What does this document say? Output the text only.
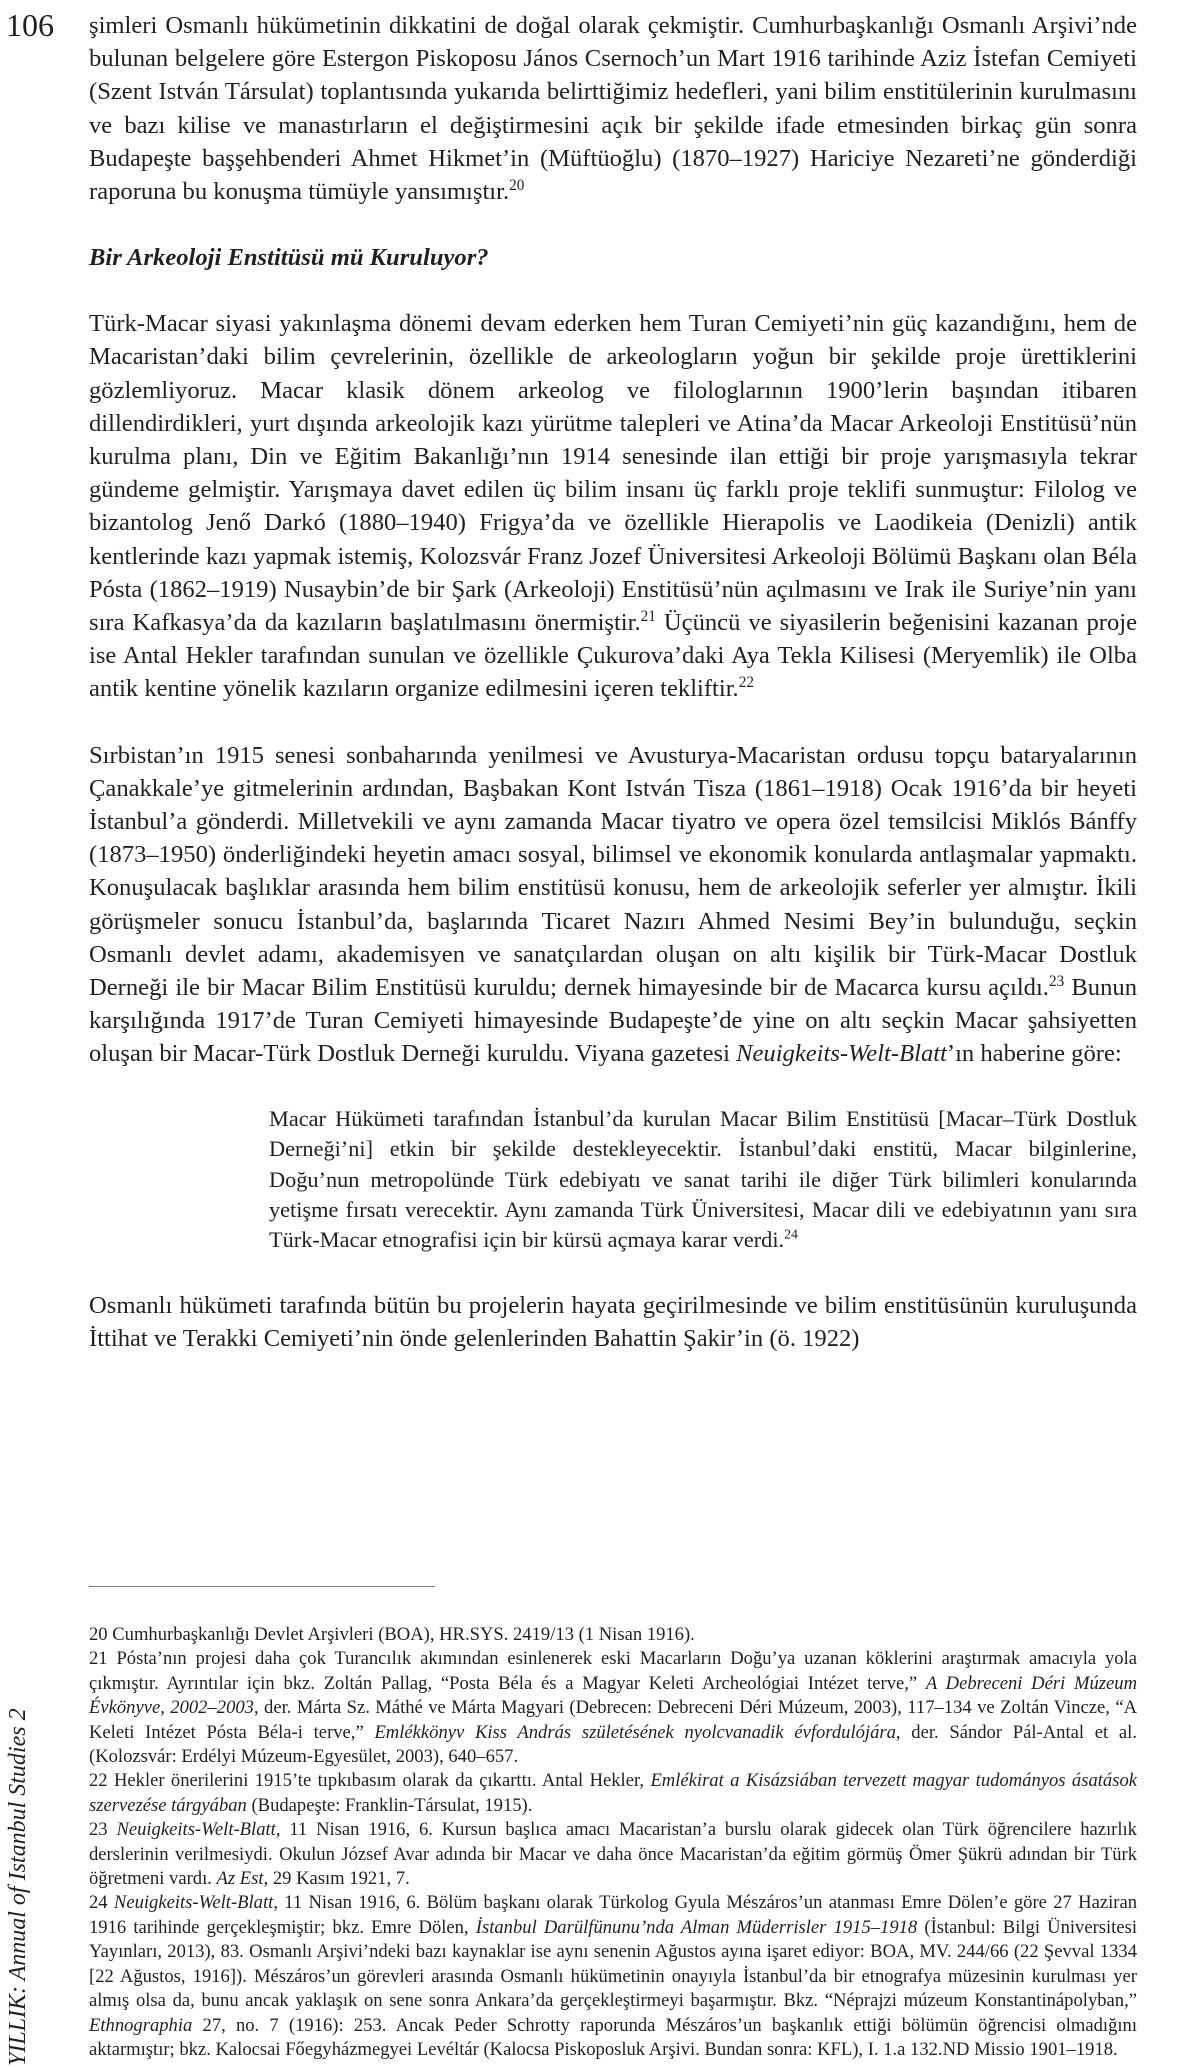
106
YILLIK: Annual of Istanbul Studies 2

şimleri Osmanlı hükümetinin dikkatini de doğal olarak çekmiştir. Cumhurbaşkanlığı Osmanlı Arşivi’nde bulunan belgelere göre Estergon Piskoposu János Csernoch’un Mart 1916 tarihinde Aziz İstefan Cemiyeti (Szent István Társulat) toplantısında yukarıda belirttiğimiz hedefleri, yani bilim enstitülerinin kurulmasını ve bazı kilise ve manastırların el değiştirmesini açık bir şekilde ifade etmesinden birkaç gün sonra Budapeşte başşehbenderi Ahmet Hikmet’in (Müftüoğlu) (1870–1927) Hariciye Nezareti’ne gönderdiği raporuna bu konuşma tümüyle yansımıştır.$^{20}$

Bir Arkeoloji Enstitüsü mü Kuruluyor?

Türk-Macar siyasi yakınlaşma dönemi devam ederken hem Turan Cemiyeti’nin güç kazandığını, hem de Macaristan’daki bilim çevrelerinin, özellikle de arkeologların yoğun bir şekilde proje ürettiklerini gözlemliyoruz. Macar klasik dönem arkeolog ve filologlarının 1900’lerin başından itibaren dillendirdikleri, yurt dışında arkeolojik kazı yürütme talepleri ve Atina’da Macar Arkeoloji Enstitüsü’nün kurulma planı, Din ve Eğitim Bakanlığı’nın 1914 senesinde ilan ettiği bir proje yarışmasıyla tekrar gündeme gelmiştir. Yarışmaya davet edilen üç bilim insanı üç farklı proje teklifi sunmuştur: Filolog ve bizantolog Jenő Darkó (1880–1940) Frigya’da ve özellikle Hierapolis ve Laodikeia (Denizli) antik kentlerinde kazı yapmak istemiş, Kolozsvár Franz Jozef Üniversitesi Arkeoloji Bölümü Başkanı olan Béla Pósta (1862–1919) Nusaybin’de bir Şark (Arkeoloji) Enstitüsü’nün açılmasını ve Irak ile Suriye’nin yanı sıra Kafkasya’da da kazıların başlatılmasını önermiştir.$^{21}$ Üçüncü ve siyasilerin beğenisini kazanan proje ise Antal Hekler tarafından sunulan ve özellikle Çukurova’daki Aya Tekla Kilisesi (Meryemlik) ile Olba antik kentine yönelik kazıların organize edilmesini içeren tekliftir.$^{22}$

Sırbistan’ın 1915 senesi sonbaharında yenilmesi ve Avusturya-Macaristan ordusu topçu bataryalarının Çanakkale’ye gitmelerinin ardından, Başbakan Kont István Tisza (1861–1918) Ocak 1916’da bir heyeti İstanbul’a gönderdi. Milletvekili ve aynı zamanda Macar tiyatro ve opera özel temsilcisi Miklós Bánffy (1873–1950) önderliğindeki heyetin amacı sosyal, bilimsel ve ekonomik konularda antlaşmalar yapmaktı. Konuşulacak başlıklar arasında hem bilim enstitüsü konusu, hem de arkeolojik seferler yer almıştır. İkili görüşmeler sonucu İstanbul’da, başlarında Ticaret Nazırı Ahmed Nesimi Bey’in bulunduğu, seçkin Osmanlı devlet adamı, akademisyen ve sanatçılardan oluşan on altı kişilik bir Türk-Macar Dostluk Derneği ile bir Macar Bilim Enstitüsü kuruldu; dernek himayesinde bir de Macarca kursu açıldı.$^{23}$ Bunun karşılığında 1917’de Turan Cemiyeti himayesinde Budapeşte’de yine on altı seçkin Macar şahsiyetten oluşan bir Macar-Türk Dostluk Derneği kuruldu. Viyana gazetesi Neuigkeits-Welt-Blatt’ın haberine göre:

Macar Hükümeti tarafından İstanbul’da kurulan Macar Bilim Enstitüsü [Macar–Türk Dostluk Derneği’ni] etkin bir şekilde destekleyecektir. İstanbul’daki enstitü, Macar bilginlerine, Doğu’nun metropolünde Türk edebiyatı ve sanat tarihi ile diğer Türk bilimleri konularında yetişme fırsatı verecektir. Aynı zamanda Türk Üniversitesi, Macar dili ve edebiyatının yanı sıra Türk-Macar etnografisi için bir kürsü açmaya karar verdi.$^{24}$

Osmanlı hükümeti tarafında bütün bu projelerin hayata geçirilmesinde ve bilim enstitüsünün kuruluşunda İttihat ve Terakki Cemiyeti’nin önde gelenlerinden Bahattin Şakir’in (ö. 1922)

20 Cumhurbaşkanlığı Devlet Arşivleri (BOA), HR.SYS. 2419/13 (1 Nisan 1916).

21 Pósta’nın projesi daha çok Turancılık akımından esinlenerek eski Macarların Doğu’ya uzanan köklerini araştırmak amacıyla yola çıkmıştır. Ayrıntılar için bkz. Zoltán Pallag, “Posta Béla és a Magyar Keleti Archeológiai Intézet terve,” A Debreceni Déri Múzeum Évkönyve, 2002–2003, der. Márta Sz. Máthé ve Márta Magyari (Debrecen: Debreceni Déri Múzeum, 2003), 117–134 ve Zoltán Vincze, “A Keleti Intézet Pósta Béla-i terve,” Emlékkönyv Kiss András születésének nyolcvanadik évfordulójára, der. Sándor Pál-Antal et al. (Kolozsvár: Erdélyi Múzeum-Egyesület, 2003), 640–657.

22 Hekler önerilerini 1915’te tıpkıbasım olarak da çıkarttı. Antal Hekler, Emlékirat a Kisázsiában tervezett magyar tudományos ásatások szervezése tárgyában (Budapeşte: Franklin-Társulat, 1915).

23 Neuigkeits-Welt-Blatt, 11 Nisan 1916, 6. Kursun başlıca amacı Macaristan’a burslu olarak gidecek olan Türk öğrencilere hazırlık derslerinin verilmesiydi. Okulun József Avar adında bir Macar ve daha önce Macaristan’da eğitim görmüş Ömer Şükrü adından bir Türk öğretmeni vardı. Az Est, 29 Kasım 1921, 7.

24 Neuigkeits-Welt-Blatt, 11 Nisan 1916, 6. Bölüm başkanı olarak Türkolog Gyula Mészáros’un atanması Emre Dölen’e göre 27 Haziran 1916 tarihinde gerçekleşmiştir; bkz. Emre Dölen, İstanbul Darülfünunu’nda Alman Müderrisler 1915–1918 (İstanbul: Bilgi Üniversitesi Yayınları, 2013), 83. Osmanlı Arşivi’ndeki bazı kaynaklar ise aynı senenin Ağustos ayına işaret ediyor: BOA, MV. 244/66 (22 Şevval 1334 [22 Ağustos, 1916]). Mészáros’un görevleri arasında Osmanlı hükümetinin onayıyla İstanbul’da bir etnografya müzesinin kurulması yer almış olsa da, bunu ancak yaklaşık on sene sonra Ankara’da gerçekleştirmeyi başarmıştır. Bkz. “Néprajzi múzeum Konstantinápolyban,” Ethnographia 27, no. 7 (1916): 253. Ancak Peder Schrotty raporunda Mészáros’un başkanlık ettiği bölümün öğrencisi olmadığını aktarmıştır; bkz. Kalocsai Főegyházmegyei Levéltár (Kalocsa Piskoposluk Arşivi. Bundan sonra: KFL), I. 1.a 132.ND Missio 1901–1918.
